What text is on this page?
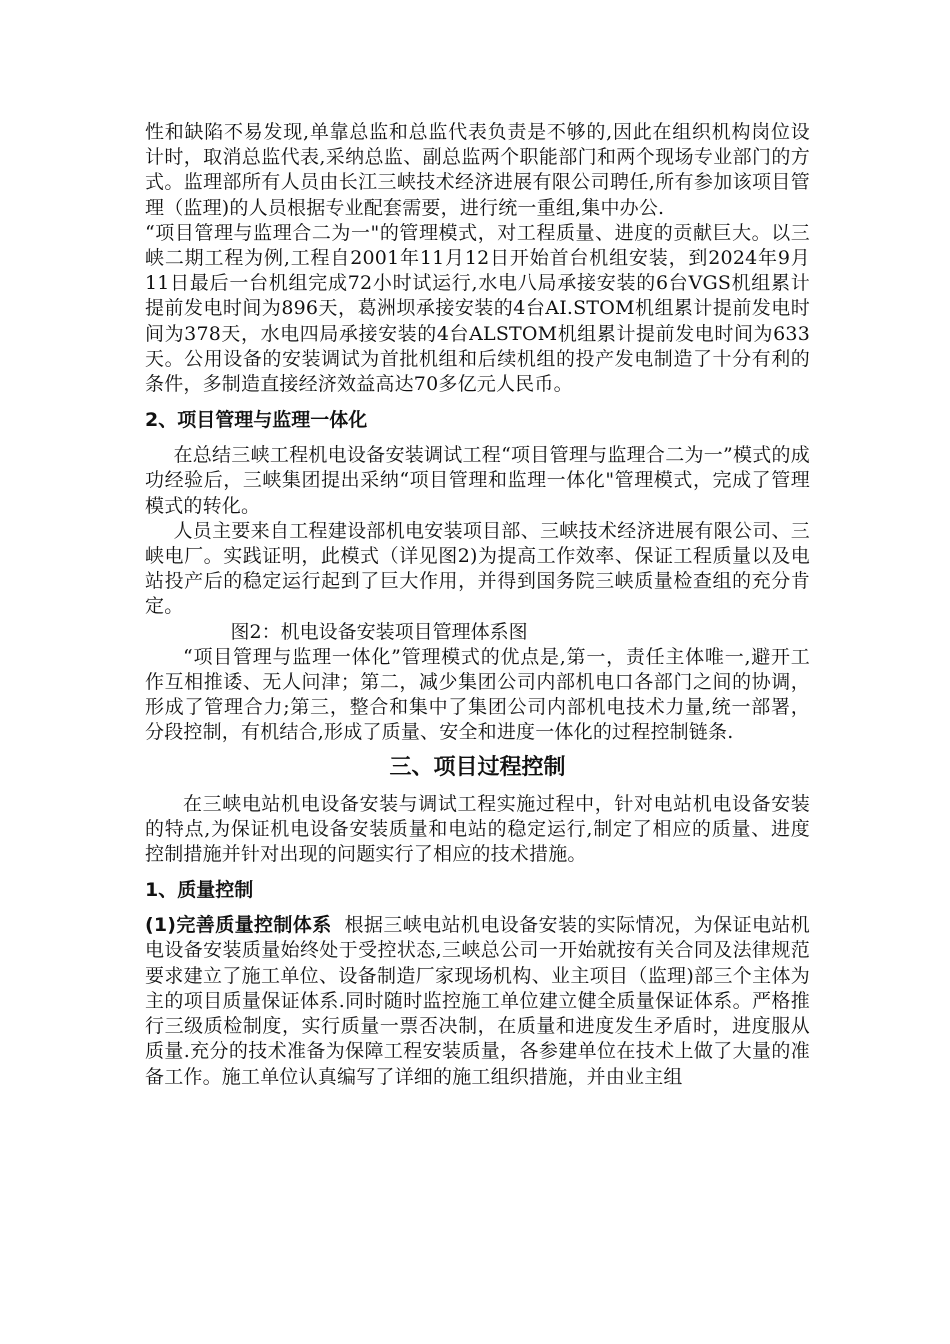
性和缺陷不易发现,单靠总监和总监代表负责是不够的,因此在组织机构岗位设计时，取消总监代表,采纳总监、副总监两个职能部门和两个现场专业部门的方式。监理部所有人员由长江三峡技术经济进展有限公司聘任,所有参加该项目管理（监理)的人员根据专业配套需要，进行统一重组,集中办公.

“项目管理与监理合二为一"的管理模式，对工程质量、进度的贡献巨大。以三峡二期工程为例,工程自2001年11月12日开始首台机组安装，到2024年9月11日最后一台机组完成72小时试运行,水电八局承接安装的6台VGS机组累计提前发电时间为896天，葛洲坝承接安装的4台AI.STOM机组累计提前发电时间为378天，水电四局承接安装的4台ALSTOM机组累计提前发电时间为633天。公用设备的安装调试为首批机组和后续机组的投产发电制造了十分有利的条件，多制造直接经济效益高达70多亿元人民币。

2、项目管理与监理一体化

在总结三峡工程机电设备安装调试工程“项目管理与监理合二为一”模式的成功经验后，三峡集团提出采纳“项目管理和监理一体化"管理模式，完成了管理模式的转化。

人员主要来自工程建设部机电安装项目部、三峡技术经济进展有限公司、三峡电厂。实践证明，此模式（详见图2)为提高工作效率、保证工程质量以及电站投产后的稳定运行起到了巨大作用，并得到国务院三峡质量检查组的充分肯定。

图2：机电设备安装项目管理体系图

“项目管理与监理一体化”管理模式的优点是,第一，责任主体唯一,避开工作互相推诿、无人问津；第二，减少集团公司内部机电口各部门之间的协调，形成了管理合力;第三，整合和集中了集团公司内部机电技术力量,统一部署，分段控制，有机结合,形成了质量、安全和进度一体化的过程控制链条.

三、项目过程控制

在三峡电站机电设备安装与调试工程实施过程中，针对电站机电设备安装的特点,为保证机电设备安装质量和电站的稳定运行,制定了相应的质量、进度控制措施并针对出现的问题实行了相应的技术措施。

1、质量控制

(1)完善质量控制体系 根据三峡电站机电设备安装的实际情况，为保证电站机电设备安装质量始终处于受控状态,三峡总公司一开始就按有关合同及法律规范要求建立了施工单位、设备制造厂家现场机构、业主项目（监理)部三个主体为主的项目质量保证体系.同时随时监控施工单位建立健全质量保证体系。严格推行三级质检制度，实行质量一票否决制，在质量和进度发生矛盾时，进度服从质量.充分的技术准备为保障工程安装质量，各参建单位在技术上做了大量的准备工作。施工单位认真编写了详细的施工组织措施，并由业主组
